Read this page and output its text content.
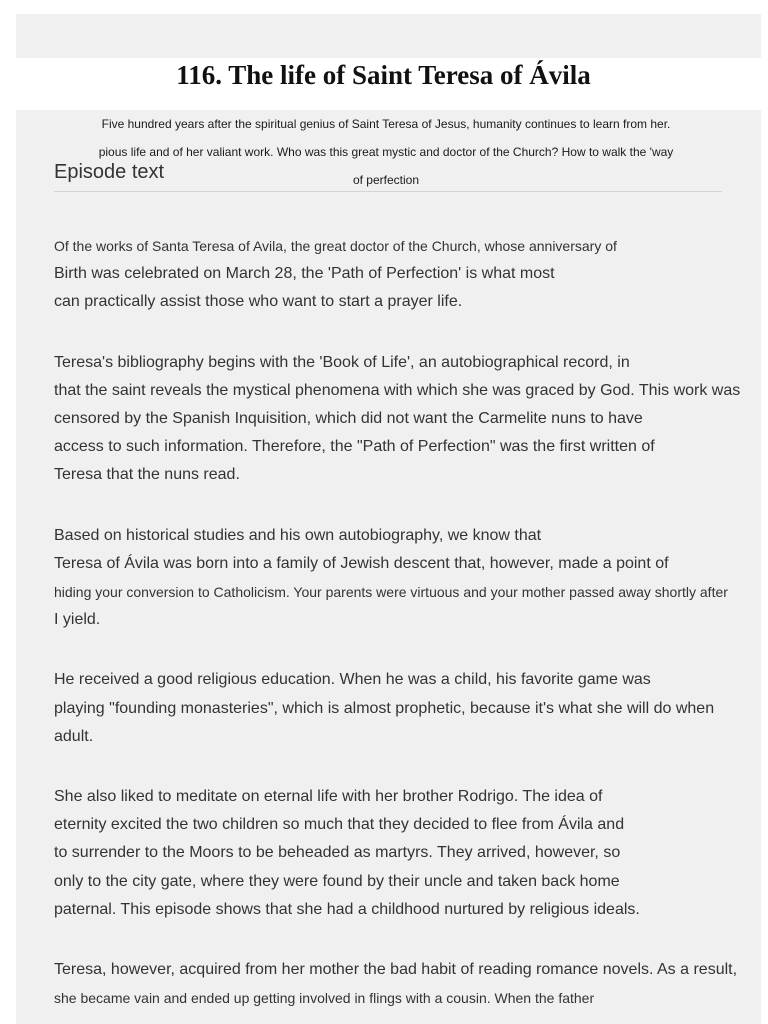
116. The life of Saint Teresa of Ávila

Five hundred years after the spiritual genius of Saint Teresa of Jesus, humanity continues to learn from her.
pious life and of her valiant work. Who was this great mystic and doctor of the Church? How to walk the 'way
of perfection

Episode text

Of the works of Santa Teresa of Avila, the great doctor of the Church, whose anniversary of
Birth was celebrated on March 28, the 'Path of Perfection' is what most
can practically assist those who want to start a prayer life.

Teresa's bibliography begins with the 'Book of Life', an autobiographical record, in
that the saint reveals the mystical phenomena with which she was graced by God. This work was
censored by the Spanish Inquisition, which did not want the Carmelite nuns to have
access to such information. Therefore, the "Path of Perfection" was the first written of
Teresa that the nuns read.

Based on historical studies and his own autobiography, we know that
Teresa of Ávila was born into a family of Jewish descent that, however, made a point of
hiding your conversion to Catholicism. Your parents were virtuous and your mother passed away shortly after
I yield.

He received a good religious education. When he was a child, his favorite game was
playing "founding monasteries", which is almost prophetic, because it's what she will do when
adult.

She also liked to meditate on eternal life with her brother Rodrigo. The idea of
eternity excited the two children so much that they decided to flee from Ávila and
to surrender to the Moors to be beheaded as martyrs. They arrived, however, so
only to the city gate, where they were found by their uncle and taken back home
paternal. This episode shows that she had a childhood nurtured by religious ideals.

Teresa, however, acquired from her mother the bad habit of reading romance novels. As a result,
she became vain and ended up getting involved in flings with a cousin. When the father
